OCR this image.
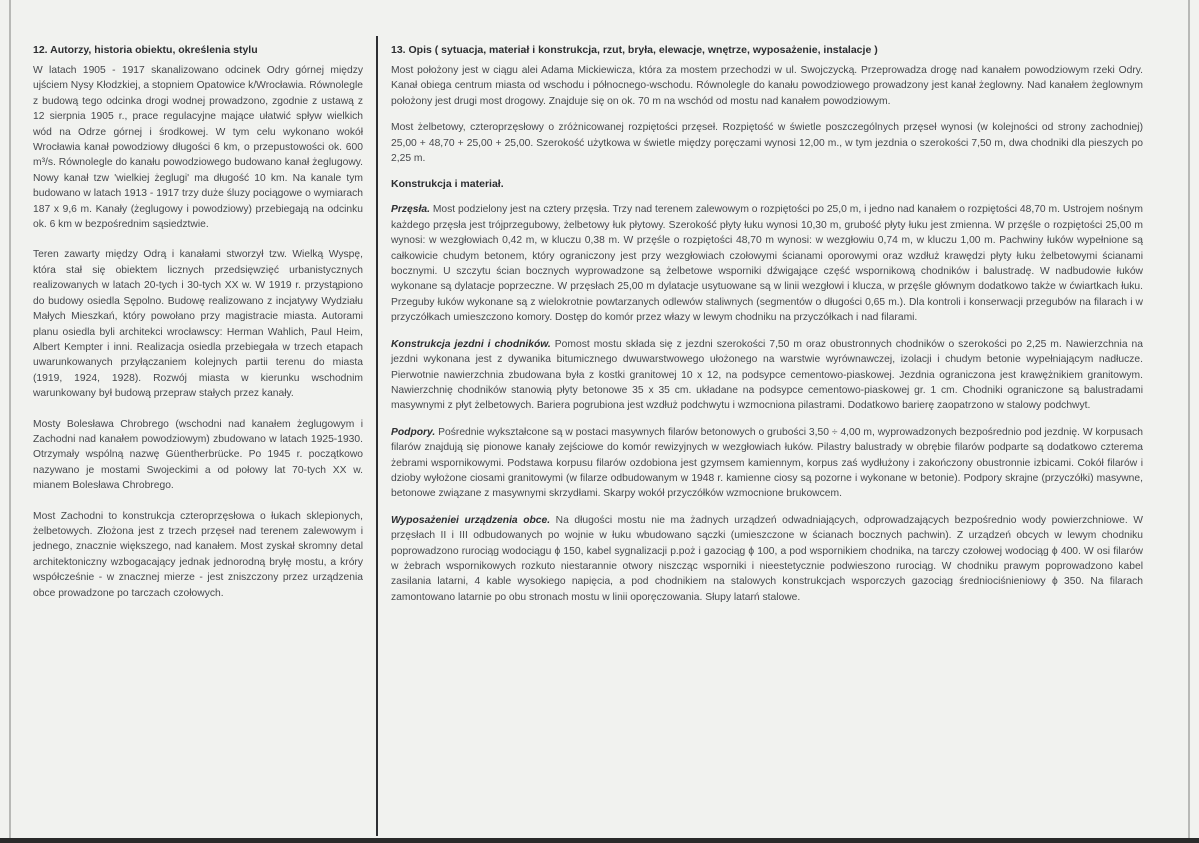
12. Autorzy, historia obiektu, określenia stylu

W latach 1905 - 1917 skanalizowano odcinek Odry górnej między ujściem Nysy Kłodzkiej, a stopniem Opatowice k/Wrocławia. Równolegle z budową tego odcinka drogi wodnej prowadzono, zgodnie z ustawą z 12 sierpnia 1905 r., prace regulacyjne mające ułatwić spływ wielkich wód na Odrze górnej i środkowej. W tym celu wykonano wokół Wrocławia kanał powodziowy długości 6 km, o przepustowości ok. 600 m³/s. Równolegle do kanału powodziowego budowano kanał żeglugowy. Nowy kanał tzw 'wielkiej żeglugi' ma długość 10 km. Na kanale tym budowano w latach 1913 - 1917 trzy duże śluzy pociągowe o wymiarach 187 x 9,6 m. Kanały (żeglugowy i powodziowy) przebiegają na odcinku ok. 6 km w bezpośrednim sąsiedztwie.

Teren zawarty między Odrą i kanałami stworzył tzw. Wielką Wyspę, która stał się obiektem licznych przedsięwzięć urbanistycznych realizowanych w latach 20-tych i 30-tych XX w. W 1919 r. przystąpiono do budowy osiedla Sępolno. Budowę realizowano z incjatywy Wydziału Małych Mieszkań, który powołano przy magistracie miasta. Autorami planu osiedla byli architekci wrocławscy: Herman Wahlich, Paul Heim, Albert Kempter i inni. Realizacja osiedla przebiegała w trzech etapach uwarunkowanych przyłączaniem kolejnych partii terenu do miasta (1919, 1924, 1928). Rozwój miasta w kierunku wschodnim warunkowany był budową przepraw stałych przez kanały.

Mosty Bolesława Chrobrego (wschodni nad kanałem żeglugowym i Zachodni nad kanałem powodziowym) zbudowano w latach 1925-1930. Otrzymały wspólną nazwę Güentherbrücke. Po 1945 r. początkowo nazywano je mostami Swojeckimi a od połowy lat 70-tych XX w. mianem Bolesława Chrobrego.

Most Zachodni to konstrukcja czteroprzęsłowa o łukach sklepionych, żelbetowych. Złożona jest z trzech przęseł nad terenem zalewowym i jednego, znacznie większego, nad kanałem. Most zyskał skromny detal architektoniczny wzbogacający jednak jednorodną bryłę mostu, a króry współcześnie - w znacznej mierze - jest zniszczony przez urządzenia obce prowadzone po tarczach czołowych.

13. Opis ( sytuacja, materiał i konstrukcja, rzut, bryła, elewacje, wnętrze, wyposażenie, instalacje )

Most położony jest w ciągu alei Adama Mickiewicza, która za mostem przechodzi w ul. Swojczycką. Przeprowadza drogę nad kanałem powodziowym rzeki Odry. Kanał obiega centrum miasta od wschodu i północnego-wschodu. Równolegle do kanału powodziowego prowadzony jest kanał żeglowny. Nad kanałem żeglownym położony jest drugi most drogowy. Znajduje się on ok. 70 m na wschód od mostu nad kanałem powodziowym.

Most żelbetowy, czteroprzęsłowy o zróżnicowanej rozpiętości przęseł. Rozpiętość w świetle poszczególnych przęseł wynosi (w kolejności od strony zachodniej) 25,00 + 48,70 + 25,00 + 25,00. Szerokość użytkowa w świetle między poręczami wynosi 12,00 m., w tym jezdnia o szerokości 7,50 m, dwa chodniki dla pieszych po 2,25 m.

Konstrukcja i materiał.

Przęsła. Most podzielony jest na cztery przęsła. Trzy nad terenem zalewowym o rozpiętości po 25,0 m, i jedno nad kanałem o rozpiętości 48,70 m. Ustrojem nośnym każdego przęsła jest trójprzegubowy, żelbetowy łuk płytowy. Szerokość płyty łuku wynosi 10,30 m, grubość płyty łuku jest zmienna. W przęśle o rozpiętości 25,00 m wynosi: w wezgłowiach 0,42 m, w kluczu 0,38 m. W przęśle o rozpiętości 48,70 m wynosi: w wezgłowiu 0,74 m, w kluczu 1,00 m. Pachwiny łuków wypełnione są całkowicie chudym betonem, który ograniczony jest przy wezgłowiach czołowymi ścianami oporowymi oraz wzdłuż krawędzi płyty łuku żelbetowymi ścianami bocznymi. U szczytu ścian bocznych wyprowadzone są żelbetowe wsporniki dźwigające część wspornikową chodników i balustradę. W nadbudowie łuków wykonane są dylatacje poprzeczne. W przęsłach 25,00 m dylatacje usytuowane są w linii wezgłowi i klucza, w przęśle głównym dodatkowo także w ćwiartkach łuku. Przeguby łuków wykonane są z wielokrotnie powtarzanych odlewów staliwnych (segmentów o długości 0,65 m.). Dla kontroli i konserwacji przegubów na filarach i w przyczółkach umieszczono komory. Dostęp do komór przez włazy w lewym chodniku na przyczółkach i nad filarami.

Konstrukcja jezdni i chodników. Pomost mostu składa się z jezdni szerokości 7,50 m oraz obustronnych chodników o szerokości po 2,25 m. Nawierzchnia na jezdni wykonana jest z dywanika bitumicznego dwuwarstwowego ułożonego na warstwie wyrównawczej, izolacji i chudym betonie wypełniającym nadłucze. Pierwotnie nawierzchnia zbudowana była z kostki granitowej 10 x 12, na podsypce cementowo-piaskowej. Jezdnia ograniczona jest krawężnikiem granitowym. Nawierzchnię chodników stanowią płyty betonowe 35 x 35 cm. układane na podsypce cementowo-piaskowej gr. 1 cm. Chodniki ograniczone są balustradami masywnymi z płyt żelbetowych. Bariera pogrubiona jest wzdłuż podchwytu i wzmocniona pilastrami. Dodatkowo barierę zaopatrzono w stalowy podchwyt.

Podpory. Pośrednie wykształcone są w postaci masywnych filarów betonowych o grubości 3,50 ÷ 4,00 m, wyprowadzonych bezpośrednio pod jezdnię. W korpusach filarów znajdują się pionowe kanały zejściowe do komór rewizyjnych w wezgłowiach łuków. Pilastry balustrady w obrębie filarów podparte są dodatkowo czterema żebrami wspornikowymi. Podstawa korpusu filarów ozdobiona jest gzymsem kamiennym, korpus zaś wydłużony i zakończony obustronnie izbicami. Cokół filarów i dzioby wyłożone ciosami granitowymi (w filarze odbudowanym w 1948 r. kamienne ciosy są pozorne i wykonane w betonie). Podpory skrajne (przyczółki) masywne, betonowe związane z masywnymi skrzydłami. Skarpy wokół przyczółków wzmocnione brukowcem.

Wyposażeniei urządzenia obce. Na długości mostu nie ma żadnych urządzeń odwadniających, odprowadzających bezpośrednio wody powierzchniowe. W przęsłach II i III odbudowanych po wojnie w łuku wbudowano sączki (umieszczone w ścianach bocznych pachwin). Z urządzeń obcych w lewym chodniku poprowadzono rurociąg wodociągu ϕ 150, kabel sygnalizacji p.poż i gazociąg ϕ 100, a pod wspornikiem chodnika, na tarczy czołowej wodociąg ϕ 400. W osi filarów w żebrach wspornikowych rozkuto niestarannie otwory niszcząc wsporniki i nieestetycznie podwieszono rurociąg. W chodniku prawym poprowadzono kabel zasilania latarni, 4 kable wysokiego napięcia, a pod chodnikiem na stalowych konstrukcjach wsporczych gazociąg średniociśnieniowy ϕ 350. Na filarach zamontowano latarnie po obu stronach mostu w linii oporęczowania. Słupy latarń stalowe.
